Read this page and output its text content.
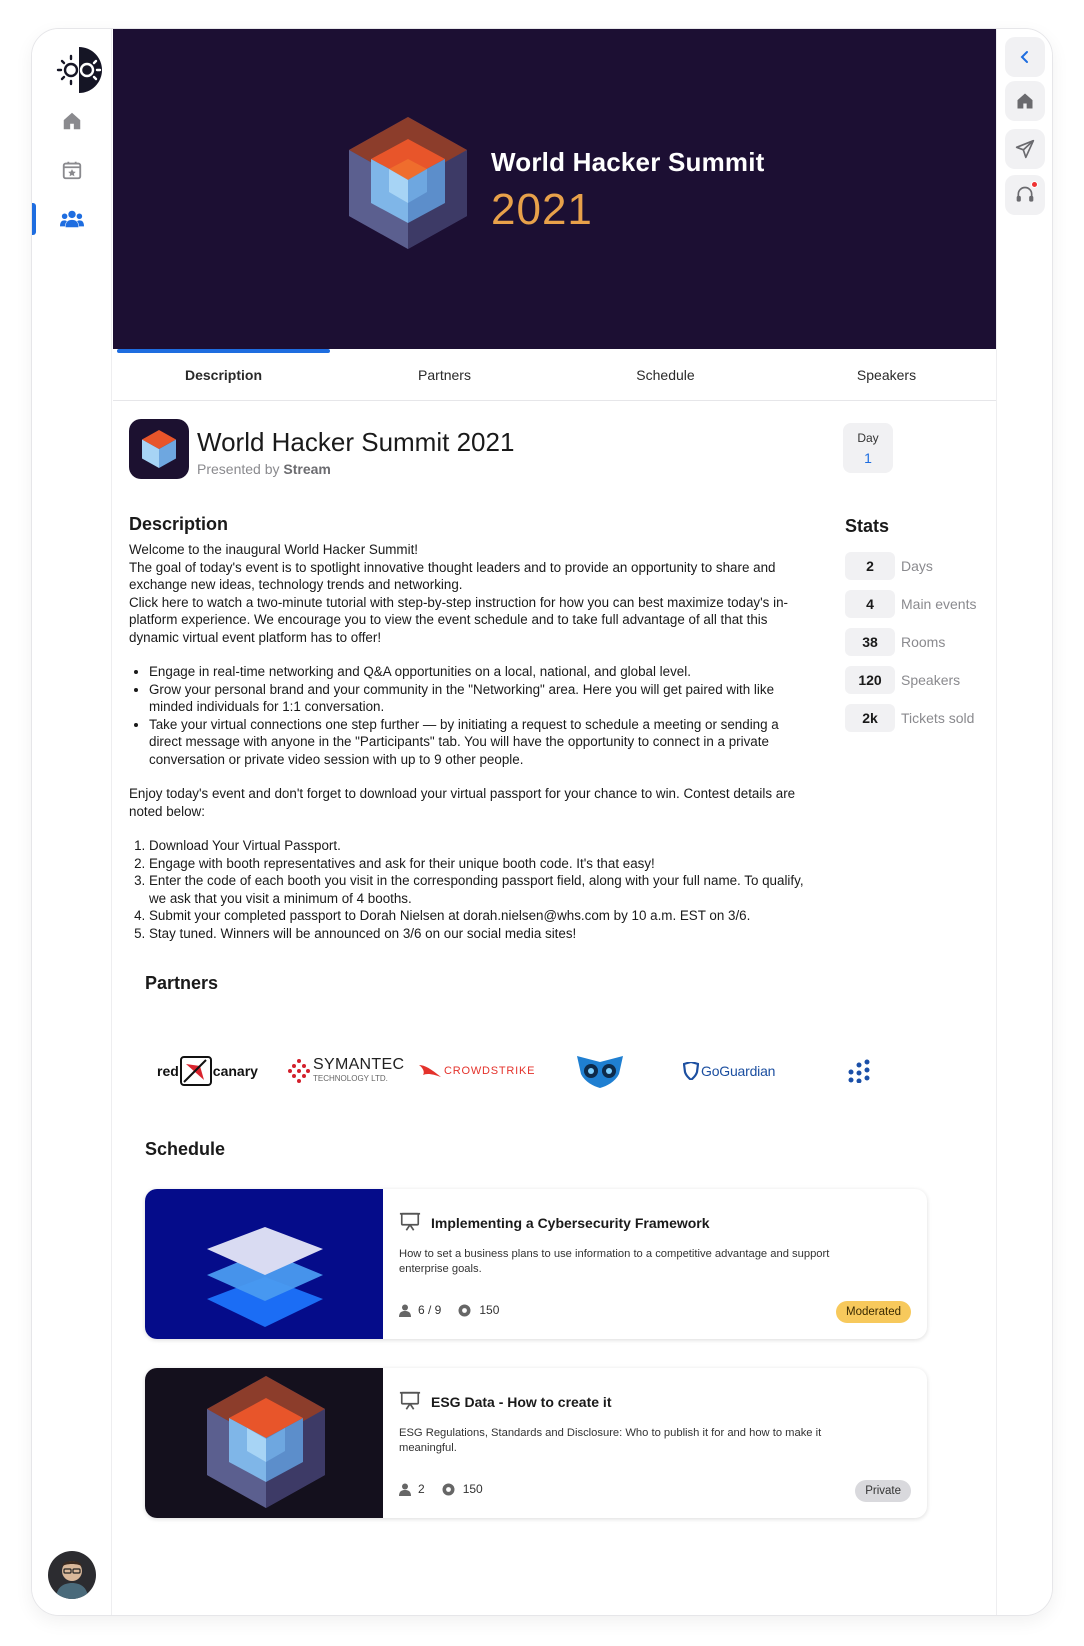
World Hacker Summit
2021
Description	Partners	Schedule	Speakers
World Hacker Summit 2021
Presented by Stream
Day
1
Description

Welcome to the inaugural World Hacker Summit!

The goal of today's event is to spotlight innovative thought leaders and to provide an opportunity to share and exchange new ideas, technology trends and networking.

Click here to watch a two-minute tutorial with step-by-step instruction for how you can best maximize today's in-platform experience. We encourage you to view the event schedule and to take full advantage of all that this dynamic virtual event platform has to offer!

• Engage in real-time networking and Q&A opportunities on a local, national, and global level.
• Grow your personal brand and your community in the "Networking" area. Here you will get paired with like minded individuals for 1:1 conversation.
• Take your virtual connections one step further — by initiating a request to schedule a meeting or sending a direct message with anyone in the "Participants" tab. You will have the opportunity to connect in a private conversation or private video session with up to 9 other people.

Enjoy today's event and don't forget to download your virtual passport for your chance to win. Contest details are noted below:

1. Download Your Virtual Passport.
2. Engage with booth representatives and ask for their unique booth code. It's that easy!
3. Enter the code of each booth you visit in the corresponding passport field, along with your full name. To qualify, we ask that you visit a minimum of 4 booths.
4. Submit your completed passport to Dorah Nielsen at dorah.nielsen@whs.com by 10 a.m. EST on 3/6.
5. Stay tuned. Winners will be announced on 3/6 on our social media sites!
Stats
2	Days
4	Main events
38	Rooms
120	Speakers
2k	Tickets sold
Partners
red canary	SYMANTEC
TECHNOLOGY LTD.
CROWDSTRIKE	GoGuardian
Schedule
Implementing a Cybersecurity Framework
How to set a business plans to use information to a competitive advantage and support enterprise goals.
6 / 9	150	Moderated
ESG Data - How to create it
ESG Regulations, Standards and Disclosure: Who to publish it for and how to make it meaningful.
2	150	Private
